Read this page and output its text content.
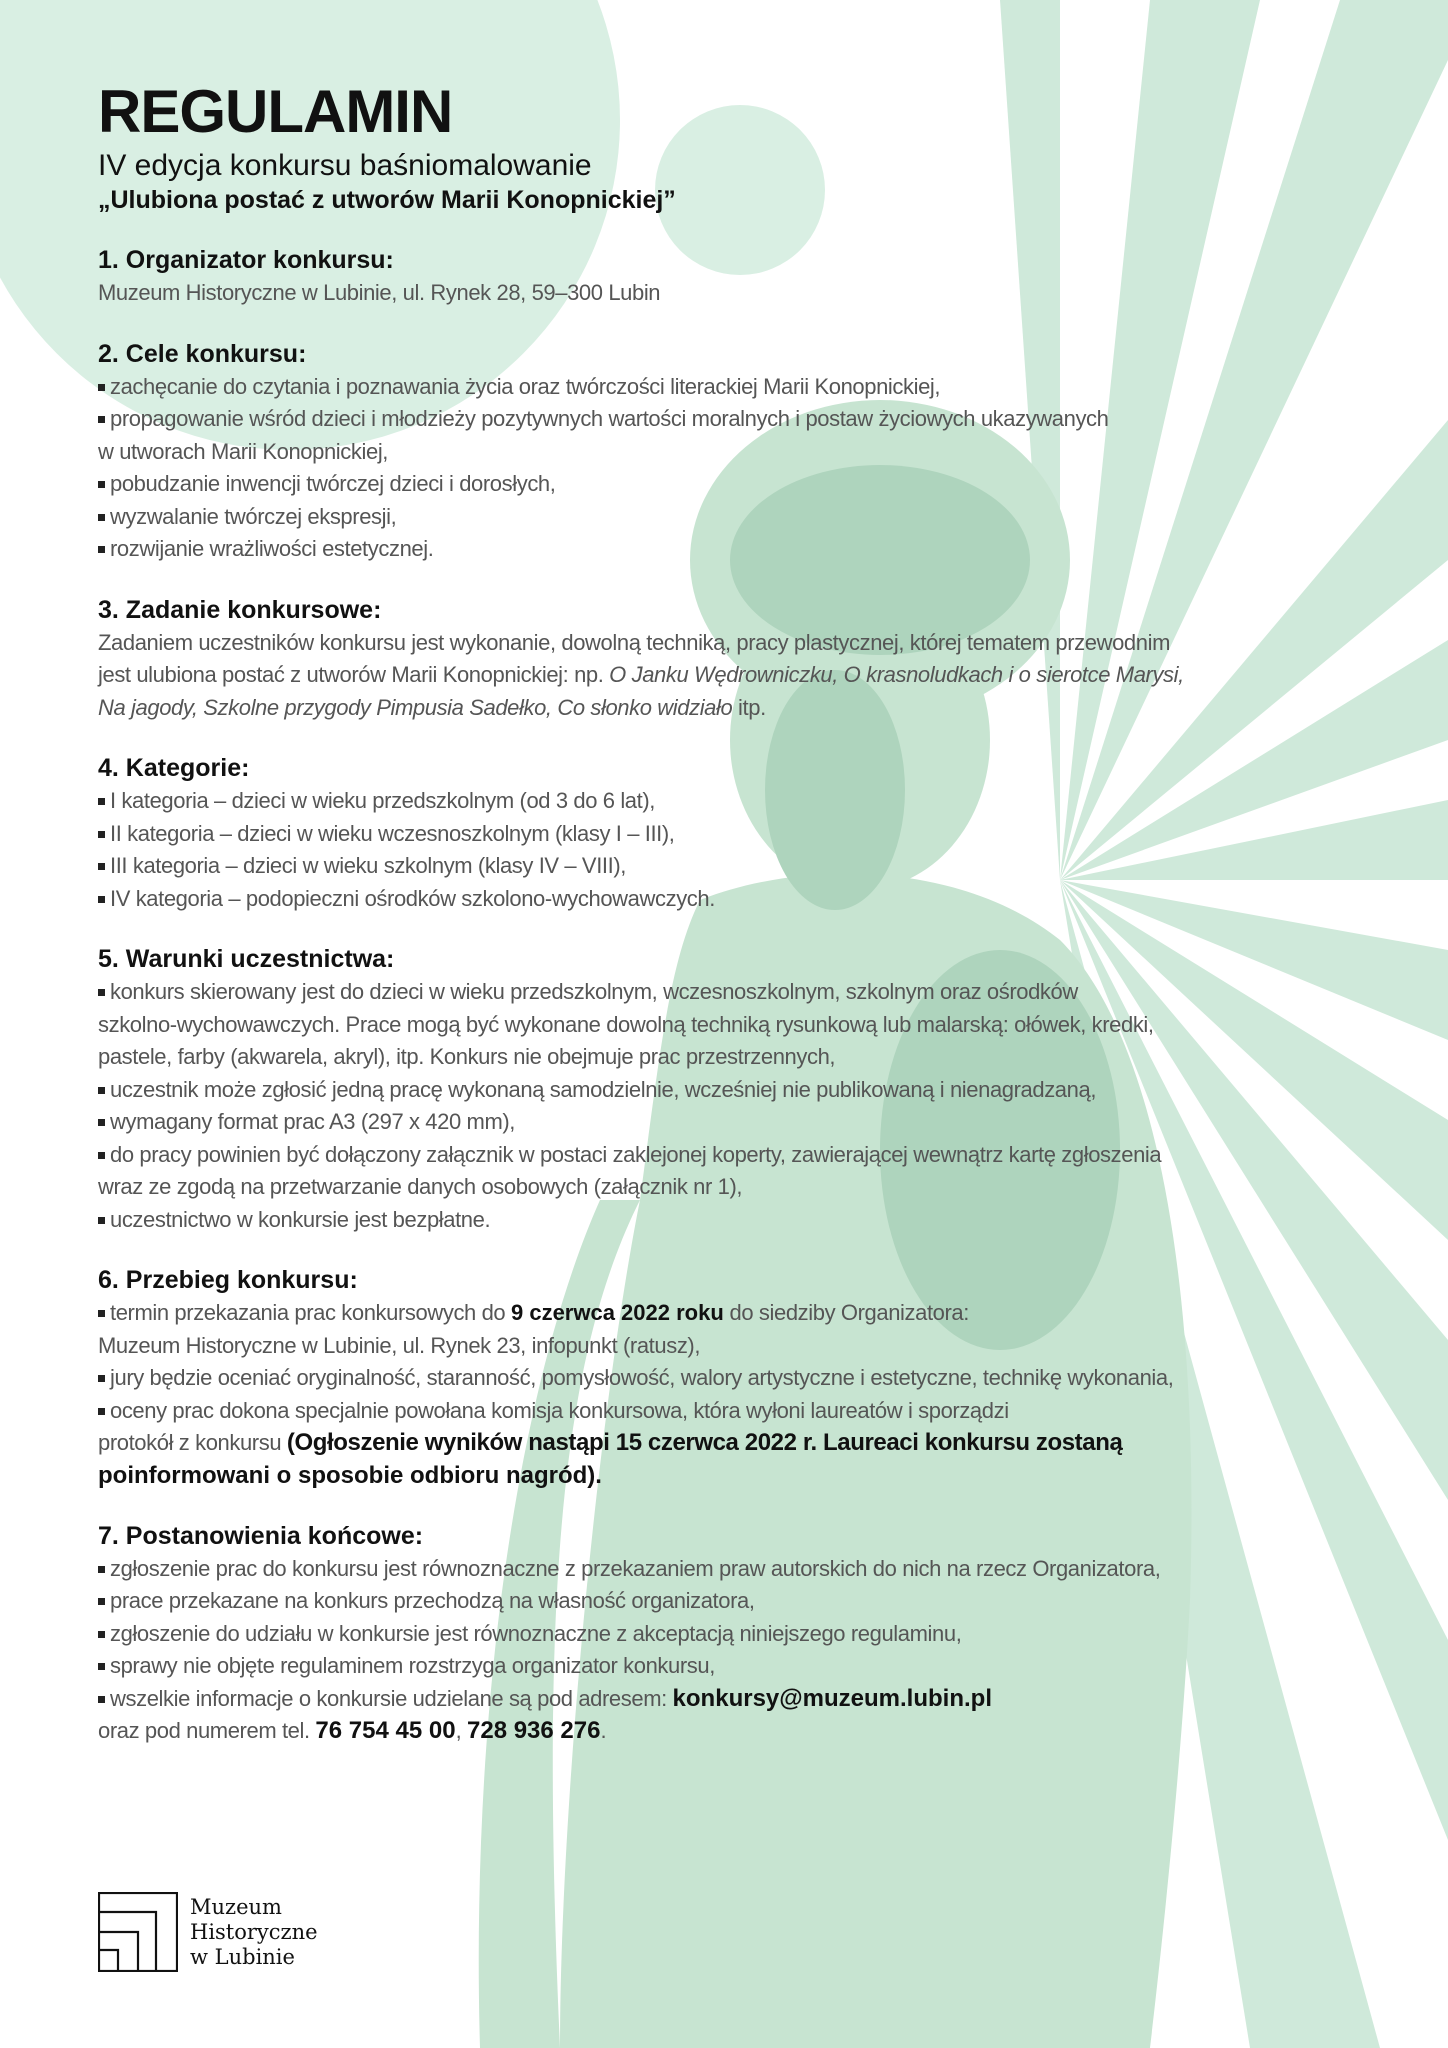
REGULAMIN
IV edycja konkursu baśniomalowanie
„Ulubiona postać z utworów Marii Konopnickiej”
1. Organizator konkursu:
Muzeum Historyczne w Lubinie, ul. Rynek 28, 59–300 Lubin
2. Cele konkursu:
zachęcanie do czytania i poznawania życia oraz twórczości literackiej Marii Konopnickiej,
propagowanie wśród dzieci i młodzieży pozytywnych wartości moralnych i postaw życiowych ukazywanych
w utworach Marii Konopnickiej,
pobudzanie inwencji twórczej dzieci i dorosłych,
wyzwalanie twórczej ekspresji,
rozwijanie wrażliwości estetycznej.
3. Zadanie konkursowe:
Zadaniem uczestników konkursu jest wykonanie, dowolną techniką, pracy plastycznej, której tematem przewodnim
jest ulubiona postać z utworów Marii Konopnickiej: np. O Janku Wędrowniczku, O krasnoludkach i o sierotce Marysi,
Na jagody, Szkolne przygody Pimpusia Sadełko, Co słonko widziało itp.
4. Kategorie:
I kategoria – dzieci w wieku przedszkolnym (od 3 do 6 lat),
II kategoria – dzieci w wieku wczesnoszkolnym (klasy I – III),
III kategoria – dzieci w wieku szkolnym (klasy IV – VIII),
IV kategoria – podopieczni ośrodków szkolono-wychowawczych.
5. Warunki uczestnictwa:
konkurs skierowany jest do dzieci w wieku przedszkolnym, wczesnoszkolnym, szkolnym oraz ośrodków
szkolno-wychowawczych. Prace mogą być wykonane dowolną techniką rysunkową lub malarską: ołówek, kredki,
pastele, farby (akwarela, akryl), itp. Konkurs nie obejmuje prac przestrzennych,
uczestnik może zgłosić jedną pracę wykonaną samodzielnie, wcześniej nie publikowaną i nienagradzaną,
wymagany format prac A3 (297 x 420 mm),
do pracy powinien być dołączony załącznik w postaci zaklejonej koperty, zawierającej wewnątrz kartę zgłoszenia
wraz ze zgodą na przetwarzanie danych osobowych (załącznik nr 1),
uczestnictwo w konkursie jest bezpłatne.
6. Przebieg konkursu:
termin przekazania prac konkursowych do 9 czerwca 2022 roku do siedziby Organizatora:
Muzeum Historyczne w Lubinie, ul. Rynek 23, infopunkt (ratusz),
jury będzie oceniać oryginalność, staranność, pomysłowość, walory artystyczne i estetyczne, technikę wykonania,
oceny prac dokona specjalnie powołana komisja konkursowa, która wyłoni laureatów i sporządzi
protokół z konkursu (Ogłoszenie wyników nastąpi 15 czerwca 2022 r. Laureaci konkursu zostaną
poinformowani o sposobie odbioru nagród).
7. Postanowienia końcowe:
zgłoszenie prac do konkursu jest równoznaczne z przekazaniem praw autorskich do nich na rzecz Organizatora,
prace przekazane na konkurs przechodzą na własność organizatora,
zgłoszenie do udziału w konkursie jest równoznaczne z akceptacją niniejszego regulaminu,
sprawy nie objęte regulaminem rozstrzyga organizator konkursu,
wszelkie informacje o konkursie udzielane są pod adresem: konkursy@muzeum.lubin.pl
oraz pod numerem tel. 76 754 45 00, 728 936 276.
Muzeum
Historyczne
w Lubinie
